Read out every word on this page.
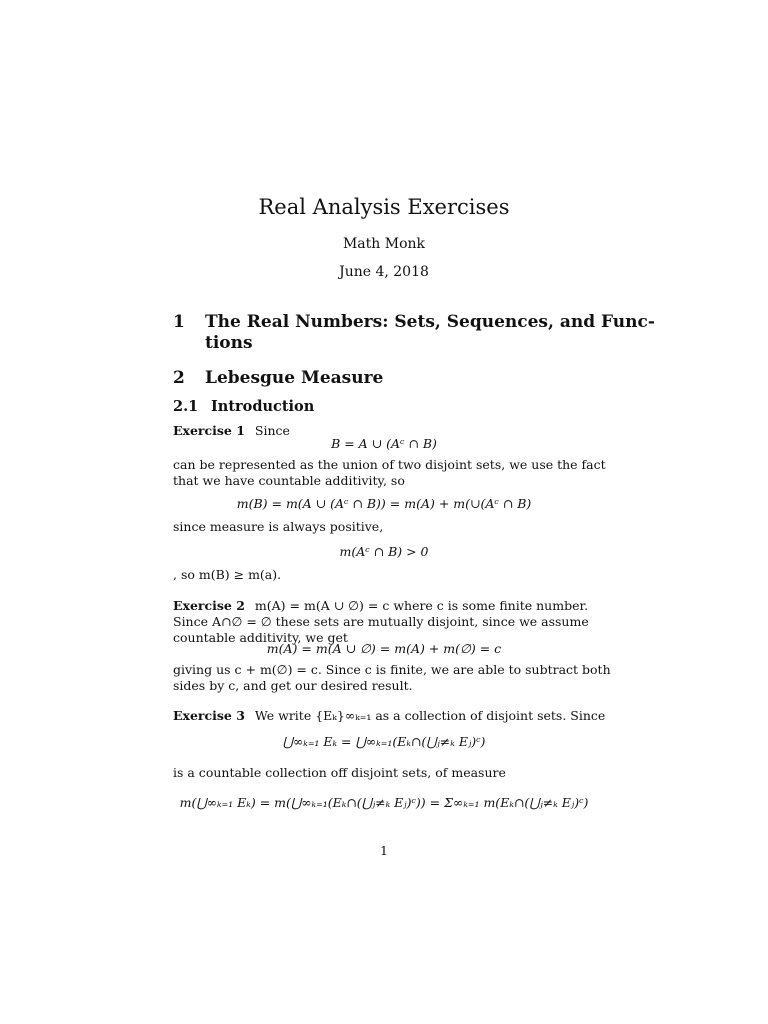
Real Analysis Exercises
Math Monk
June 4, 2018
1 The Real Numbers: Sets, Sequences, and Func-
tions
2 Lebesgue Measure
2.1 Introduction
Exercise 1 Since
B = A ∪ (Aᶜ ∩ B)
can be represented as the union of two disjoint sets, we use the fact that we have countable additivity, so
m(B) = m(A ∪ (Aᶜ ∩ B)) = m(A) + m(∪(Aᶜ ∩ B)
since measure is always positive,
m(Aᶜ ∩ B) > 0
, so m(B) ≥ m(a).
Exercise 2 m(A) = m(A ∪ ∅) = c where c is some finite number. Since A∩∅ = ∅ these sets are mutually disjoint, since we assume countable additivity, we get
m(A) = m(A ∪ ∅) = m(A) + m(∅) = c
giving us c + m(∅) = c. Since c is finite, we are able to subtract both sides by c, and get our desired result.
Exercise 3 We write {Eₖ}∞ₖ₌₁ as a collection of disjoint sets. Since
⋃∞ₖ₌₁ Eₖ = ⋃∞ₖ₌₁(Eₖ∩(⋃ⱼ≠ₖ Eⱼ)ᶜ)
is a countable collection off disjoint sets, of measure
m(⋃∞ₖ₌₁ Eₖ) = m(⋃∞ₖ₌₁(Eₖ∩(⋃ⱼ≠ₖ Eⱼ)ᶜ)) = Σ∞ₖ₌₁ m(Eₖ∩(⋃ⱼ≠ₖ Eⱼ)ᶜ)
1
